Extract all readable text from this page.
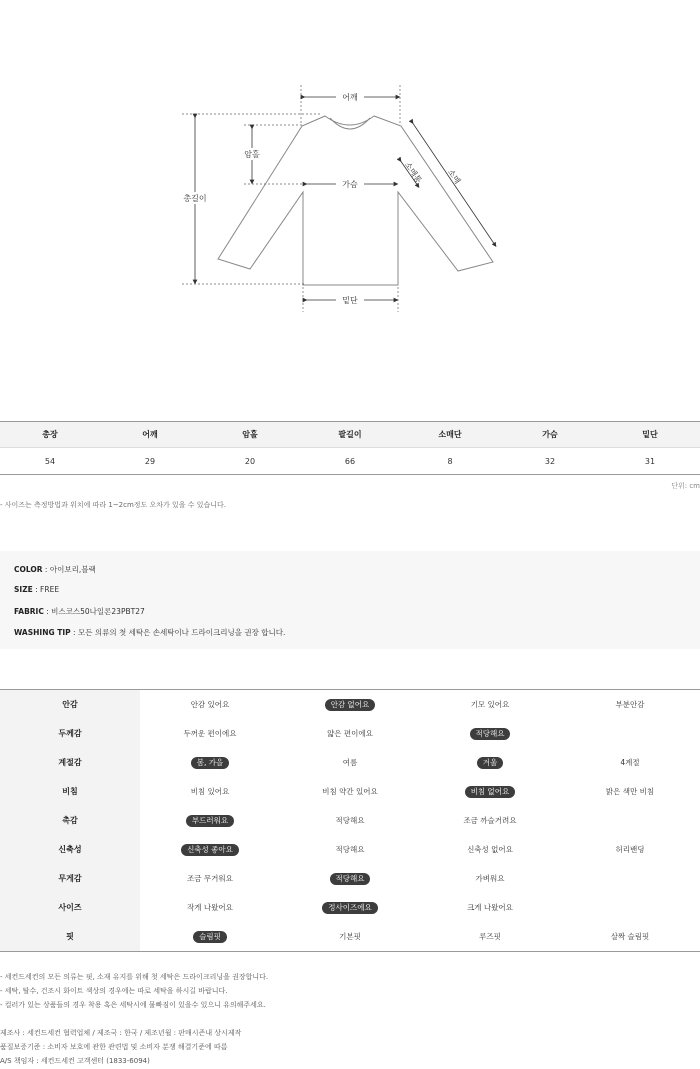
어깨
총길이
암홀
가슴
밑단
소매
소매통
총장	어깨	암홀	팔길이	소매단	가슴	밑단
54	29	20	66	8	32	31
단위: cm
- 사이즈는 측정방법과 위치에 따라 1~2cm정도 오차가 있을 수 있습니다.
COLOR : 아이보리,블랙
SIZE : FREE
FABRIC : 비스코스50나일론23PBT27
WASHING TIP : 모든 의류의 첫 세탁은 손세탁이나 드라이크리닝을 권장 합니다.
안감	안감 있어요	안감 없어요	기모 있어요	부분안감
두께감	두꺼운 편이에요	얇은 편이에요	적당해요
계절감	봄, 가을	여름	겨울	4계절
비침	비침 있어요	비침 약간 있어요	비침 없어요	밝은 색만 비침
촉감	부드러워요	적당해요	조금 까슬거려요
신축성	신축성 좋아요	적당해요	신축성 없어요	허리밴딩
무게감	조금 무거워요	적당해요	가벼워요
사이즈	작게 나왔어요	정사이즈에요	크게 나왔어요
핏	슬림핏	기본핏	루즈핏	살짝 슬림핏
- 세컨드세컨의 모든 의류는 핏, 소재 유지를 위해 첫 세탁은 드라이크리닝을 권장합니다.
- 세탁, 탈수, 건조시 화이트 색상의 경우에는 따로 세탁을 하시길 바랍니다.
- 컬러가 있는 상품들의 경우 착용 혹은 세탁시에 물빠짐이 있을수 있으니 유의해주세요.
제조사 : 세컨드세컨 협력업체 / 제조국 : 한국 / 제조년월 : 판매시즌내 상시제작
품질보증기준 : 소비자 보호에 관한 관련법 및 소비자 분쟁 해결기준에 따름
A/S 책임자 : 세컨드세컨 고객센터 (1833-6094)
